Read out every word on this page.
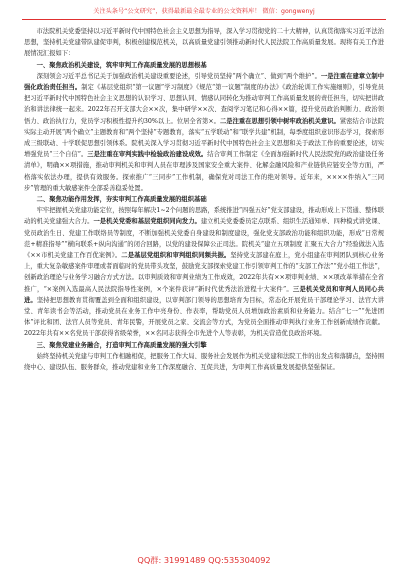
关注头条号“公文研究”，获得最新最全最专业的公文资料库！ 微信：gongwenyj

市法院机关党委坚持以习近平新时代中国特色社会主义思想为指导，深入学习贯彻党的二十大精神，认真贯彻落实习近平法治思想，坚持机关党建带队建促审判，积极创建模范机关，以高质量党建引领推动新时代人民法院工作高质量发展。现将有关工作进展情况汇报如下：

一、聚焦政治机关建设，筑牢审判工作高质量发展的思想根基

深刻领会习近平总书记关于加强政治机关建设重要论述，引导党员坚持“两个确立”、做到“两个维护”。一是注重在建章立制中强化政治责任担当。制定《基层党组织“第一议题”学习制度》《规范“第一议题”制度的办法》《政治轮训工作实施细则》，引导党员把习近平新时代中国特色社会主义思想的认识学习、思想认同、情感认同转化为推动审判工作高质量发展的责任担当，切实把讲政治和讲法律统一起来。2022年召开支部大会××次，集中研学××次、查阅学习笔记和心得××篇，提升党员政治判断力、政治领悟力、政治执行力，党员学习积极性提升约30%以上。位居全省第×。二是注重在思想引领中树牢政治机关意识。紧密结合市法院实际主动开展“两个确立”主题教育和“两个坚持”专题教育，落实“五学联动”和“联学共建”机制，每季度组织意识形态学习，探索形成三级联动、十学联促思想引领体系。院机关深入学习贯彻习近平新时代中国特色社会主义思想和关于政法工作的重要论述，切实增强党员“三个自信”。三是注重在审判实践中检验政治建设成效。结合审判工作制定《全面加强新时代人民法院党的政治建设任务清单》，明确××项措施，推动审判机关和审判人员在审理涉及国家安全重大案件、化解金融风险和产业链供应链安全等方面，严格落实依法办理，提供有效服务。探索推广“三同步”工作机制，确保党对司法工作的绝对领导。近年来，××××件纳入“三同步”管理的重大敏感案件全部妥善稳妥处置。

二、聚焦功能作用发挥，夯实审判工作高质量发展的组织基础

牢牢把握机关党建功能定位，按照每年解决1~2个问题的思路，系统推进“四强五好”党支部建设，推动形成上下贯通、整体联动的机关党建强大合力。一是机关党委和基层党组织同向发力。建立机关党委委员定点联系、组织生活通知单、四种模式讲党课、党员政治生日、党建工作联络员等制度，不断加强机关党委自身建设和制度建设，强化党支部政治功能和组织功能，形成“日常规范+精准指导”“横向联系+纵向沟通”的闭合回路，以党的建设保障公正司法。院机关“建立五项制度 汇聚五大合力”经验做法入选《××市机关党建工作百优案例》。二是基层党组织和审判组织同频共振。坚持党支部建在庭上，党小组建在审判团队到核心业务上，重大复杂敏感案件审理或者面临时的党员带头攻坚，鼓励党支部探索党建工作引领审判工作的“支部工作法”“党小组工作法”，创新政治理论与业务学习融合方式方法。以审判质效和审判业绩为工作成效，2022年共有××项审判业绩、××项改革举措在全省推广，“×案例入选最高人民法院指导性案例，×个案件获评“新时代优秀法治进程十大案件”。三是机关党员和审判人员同心共进。坚持把思想教育贯彻覆盖到全面和组织建设，以审判部门领导的思想培育为目标，常态化开展党员干部理论学习、法官大讲堂、青年读书会等活动，推动党员在业务工作中亮身份、作表率，帮助党员人员增加政治素质和业务能力。结合“七一”“先进团体”评比和团、法官人员等党员、青年民警，开展党员之家、交流会等方式，为党员全面推动审判执行业务工作创新成绩作贡献。2022年共有××名党员干部获得省级荣誉，××名同志获得全市先进个人等表彰，为机关营造优良政治环境。

三、聚焦党建业务融合，打造审判工作高质量发展的强大引擎

始终坚持机关党建与审判工作相融相促，把服务工作大局、服务社会发展作为机关党建和法院工作的出发点和落脚点，坚持围绕中心、建设队伍、服务群众，推动党建和业务工作深度融合、互促共进，为审判工作高质量发展提供坚强保证。

QQ群: 31991489 QQ:535304092
